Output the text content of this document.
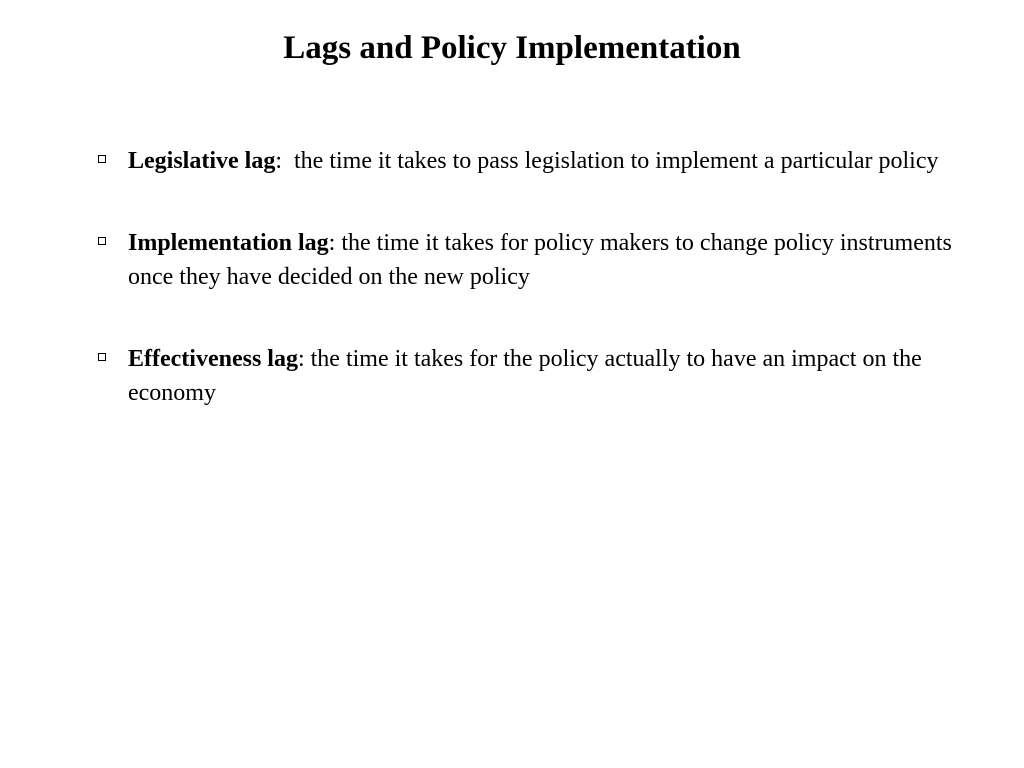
Lags and Policy Implementation
Legislative lag:  the time it takes to pass legislation to implement a particular policy
Implementation lag: the time it takes for policy makers to change policy instruments once they have decided on the new policy
Effectiveness lag: the time it takes for the policy actually to have an impact on the economy
